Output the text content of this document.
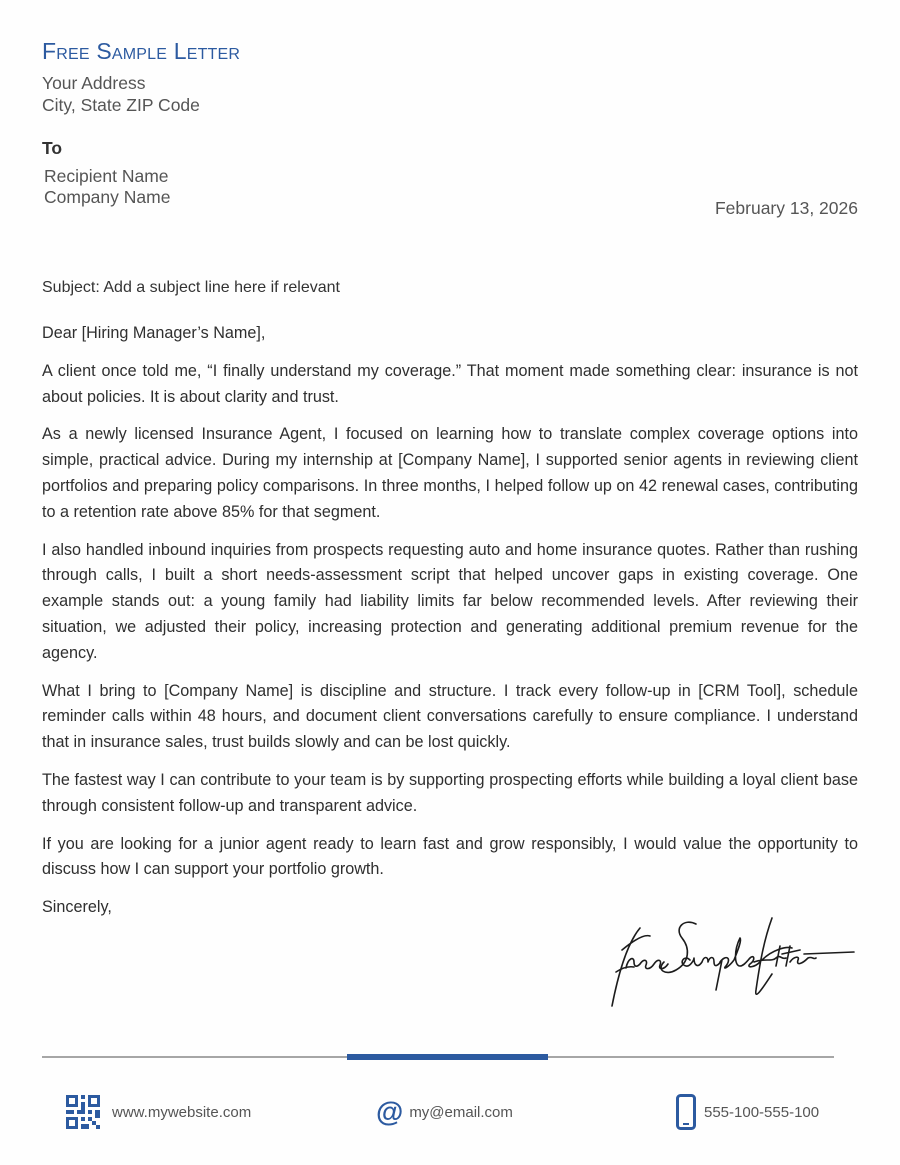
Free Sample Letter
Your Address
City, State ZIP Code
To
Recipient Name
Company Name
February 13, 2026
Subject: Add a subject line here if relevant

Dear [Hiring Manager’s Name],

A client once told me, “I finally understand my coverage.” That moment made something clear: insurance is not about policies. It is about clarity and trust.

As a newly licensed Insurance Agent, I focused on learning how to translate complex coverage options into simple, practical advice. During my internship at [Company Name], I supported senior agents in reviewing client portfolios and preparing policy comparisons. In three months, I helped follow up on 42 renewal cases, contributing to a retention rate above 85% for that segment.

I also handled inbound inquiries from prospects requesting auto and home insurance quotes. Rather than rushing through calls, I built a short needs-assessment script that helped uncover gaps in existing coverage. One example stands out: a young family had liability limits far below recommended levels. After reviewing their situation, we adjusted their policy, increasing protection and generating additional premium revenue for the agency.

What I bring to [Company Name] is discipline and structure. I track every follow-up in [CRM Tool], schedule reminder calls within 48 hours, and document client conversations carefully to ensure compliance. I understand that in insurance sales, trust builds slowly and can be lost quickly.

The fastest way I can contribute to your team is by supporting prospecting efforts while building a loyal client base through consistent follow-up and transparent advice.

If you are looking for a junior agent ready to learn fast and grow responsibly, I would value the opportunity to discuss how I can support your portfolio growth.

Sincerely,

www.mywebsite.com	@ my@email.com	555-100-555-100
